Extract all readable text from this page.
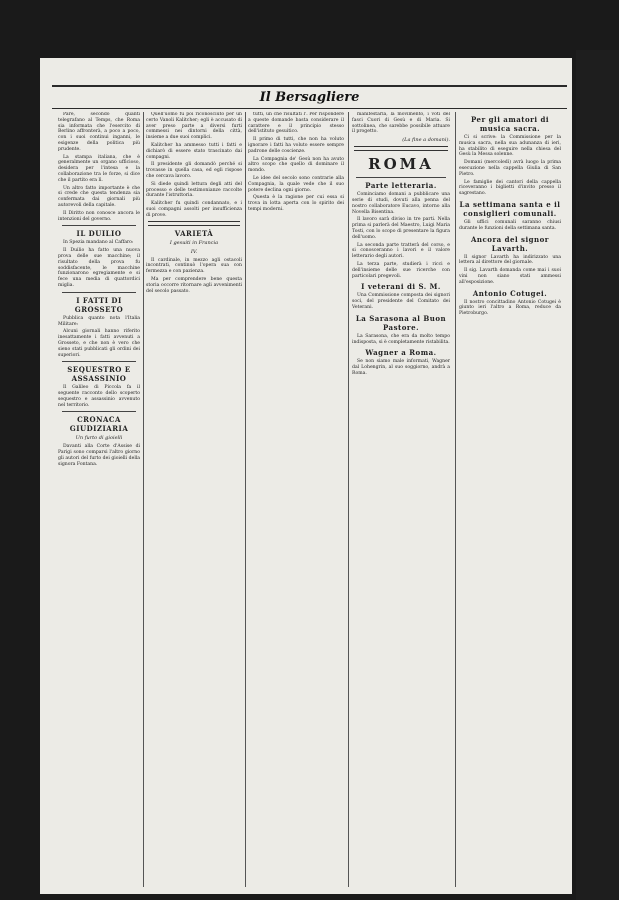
Il Bersagliere

Pare, secondo quanti telegrafano al Temps, che Roma sia informata che l'esercito di Berlino affronterà, a poco a poco, con i suoi continui inganni, le esigenze della politica più prudente.

La stampa italiana, che è generalmente un organo ufficioso, desidera per l'intesa e la collaborazione tra le forze, si dice che il partito era lì.

Un altro fatto importante è che si crede che questa tendenza sia confermata dai giornali più autorevoli della capitale.

Il Diritto non conosce ancora le intenzioni del governo.

IL DUILIO

In Spezia mandano al Caffaro:

Il Duilio ha fatto una nuova prova delle sue macchine; il risultato della prova fu soddisfacente, le macchine funzionarono egregiamente e si fece una media di quattordici miglia.

I FATTI DI GROSSETO

Pubblica quanto nota l'Italia Militare:

Alcuni giornali hanno riferito inesattamente i fatti avvenuti a Grosseto, e che non è vero che sieno stati pubblicati gli ordini dei superiori.

SEQUESTRO E ASSASSINIO

Il Galileo di Piccola fa il seguente racconto dello scoperto sequestro e assassinio avvenuto nel territorio.

CRONACA GIUDIZIARIA
Un furto di gioielli

Davanti alla Corte d'Assise di Parigi sono comparsi l'altro giorno gli autori del furto dei gioielli della signora Fontana.

Quell'uomo fu poi riconosciuto per un certo Vanoli Kalitcher; egli è accusato di aver preso parte a diversi furti commessi nei dintorni della città, insieme a due suoi complici.

Kalitcher ha ammesso tutti i fatti e dichiarò di essere stato trascinato dai compagni.

Il presidente gli domandò perché si trovasse in quella casa, ed egli rispose che cercava lavoro.

Si diede quindi lettura degli atti del processo e delle testimonianze raccolte durante l'istruttoria.

Kalitcher fu quindi condannato, e i suoi compagni assolti per insufficienza di prove.

VARIETÀ
I gesuiti in Francia
IV.

Il cardinale, in mezzo agli ostacoli incontrati, continuò l'opera sua con fermezza e con pazienza.

Ma per comprendere bene questa storia occorre ritornare agli avvenimenti del secolo passato.

tutti, un che risultati l'. Per rispondere a queste domande basta considerare il carattere e il principio stesso dell'istituto gesuitico.

Il primo di tutti, che non ha voluto ignorare i fatti ha voluto essere sempre padrone delle coscienze.

La Compagnia de' Gesù non ha avuto altro scopo che quello di dominare il mondo.

Le idee del secolo sono contrarie alla Compagnia, la quale vede che il suo potere declina ogni giorno.

Questa è la ragione per cui essa si trova in lotta aperta con lo spirito dei tempi moderni.

manifestarla, la movimento, i voti del fasci Cuori di Gesù e di Maria. Si sottolinea, che sarebbe possibile attuare il progetto.

(La fine a domani).
ROMA
Parte letteraria.

Cominciamo domani a pubblicare una serie di studi, dovuti alla penna del nostro collaboratore Eucavo, intorno alla Novella Bisentina.

Il lavoro sarà diviso in tre parti. Nella prima si parlerà del Maestro, Luigi Maria Tosti, con lo scopo di presentare la figura dell'uomo.

La seconda parte tratterà del corso, e si conosceranno i lavori e il valore letterario degli autori.

La terza parte, studierà i ricci e dell'insieme delle sue ricerche con particolari pregevoli.

I veterani di S. M.

Una Commissione composta dei signori soci, del presidente del Comitato dei Veterani.

La Sarasona al Buon Pastore.

La Sarasona, che era da molto tempo indisposta, si è completamente ristabilita.

Wagner a Roma.

Se non siamo male informati, Wagner dal Lohengrin, al suo soggiorno, andrà a Roma.

Per gli amatori di musica sacra.

Ci si scrive: la Commissione per la musica sacra, nella sua adunanza di ieri, ha stabilito di eseguire nella chiesa del Gesù la Messa solenne.

Domani (mercoledì) avrà luogo la prima esecuzione nella cappella Giulia di San Pietro.

Le famiglie dei cantori della cappella riceveranno i biglietti d'invito presso il sagrestano.

La settimana santa e il consiglieri comunali.

Gli uffici comunali saranno chiusi durante le funzioni della settimana santa.

Ancora del signor Lavarth.

Il signor Lavarth ha indirizzato una lettera al direttore del giornale.

Il sig. Lavarth domanda come mai i suoi vini non siano stati ammessi all'esposizione.

Antonio Cotugei.

Il nostro concittadino Antonio Cotugei è giunto ieri l'altro a Roma, reduce da Pietroburgo.
